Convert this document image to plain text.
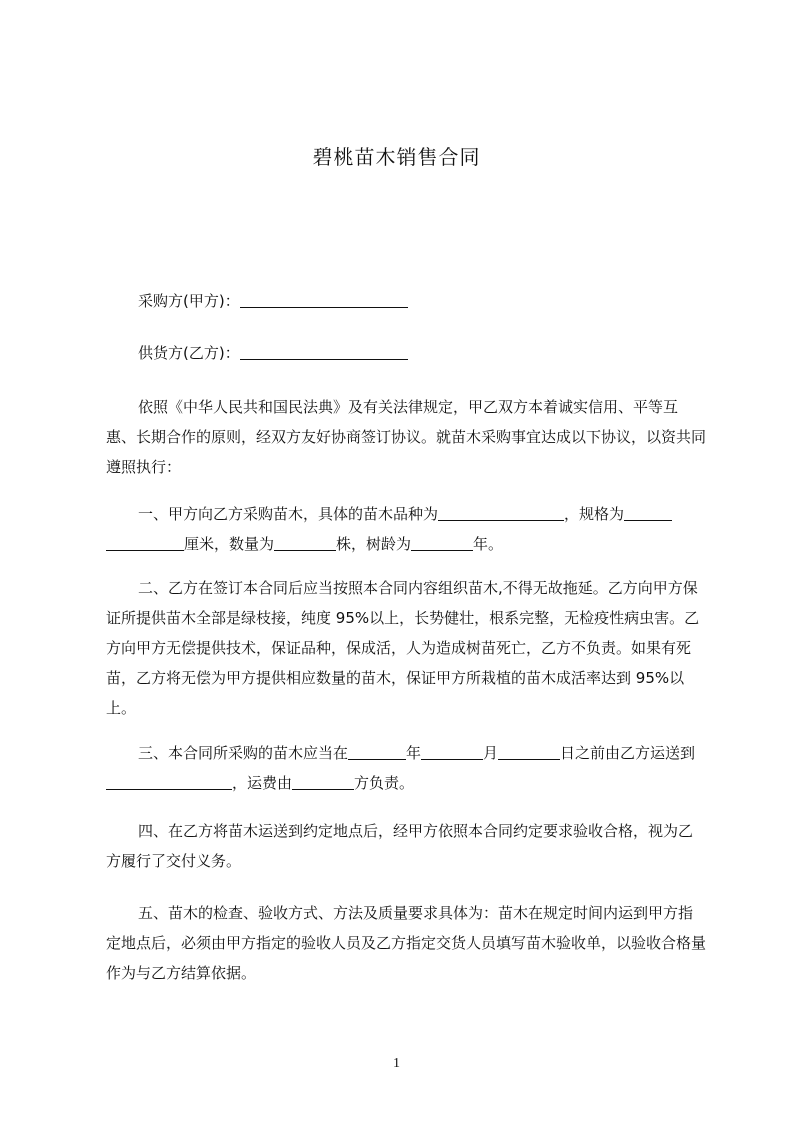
碧桃苗木销售合同

采购方(甲方)：

供货方(乙方)：

依照《中华人民共和国民法典》及有关法律规定，甲乙双方本着诚实信用、平等互惠、长期合作的原则，经双方友好协商签订协议。就苗木采购事宜达成以下协议，以资共同遵照执行：

一、甲方向乙方采购苗木，具体的苗木品种为	，规格为厘米，数量为	株，树龄为	年。

二、乙方在签订本合同后应当按照本合同内容组织苗木,不得无故拖延。乙方向甲方保证所提供苗木全部是绿枝接，纯度 95%以上，长势健壮，根系完整，无检疫性病虫害。乙方向甲方无偿提供技术，保证品种，保成活，人为造成树苗死亡，乙方不负责。如果有死苗，乙方将无偿为甲方提供相应数量的苗木，保证甲方所栽植的苗木成活率达到 95%以上。

三、本合同所采购的苗木应当在	年	月	日之前由乙方运送到，运费由	方负责。

四、在乙方将苗木运送到约定地点后，经甲方依照本合同约定要求验收合格，视为乙方履行了交付义务。

五、苗木的检查、验收方式、方法及质量要求具体为：苗木在规定时间内运到甲方指定地点后，必须由甲方指定的验收人员及乙方指定交货人员填写苗木验收单，以验收合格量作为与乙方结算依据。

1
